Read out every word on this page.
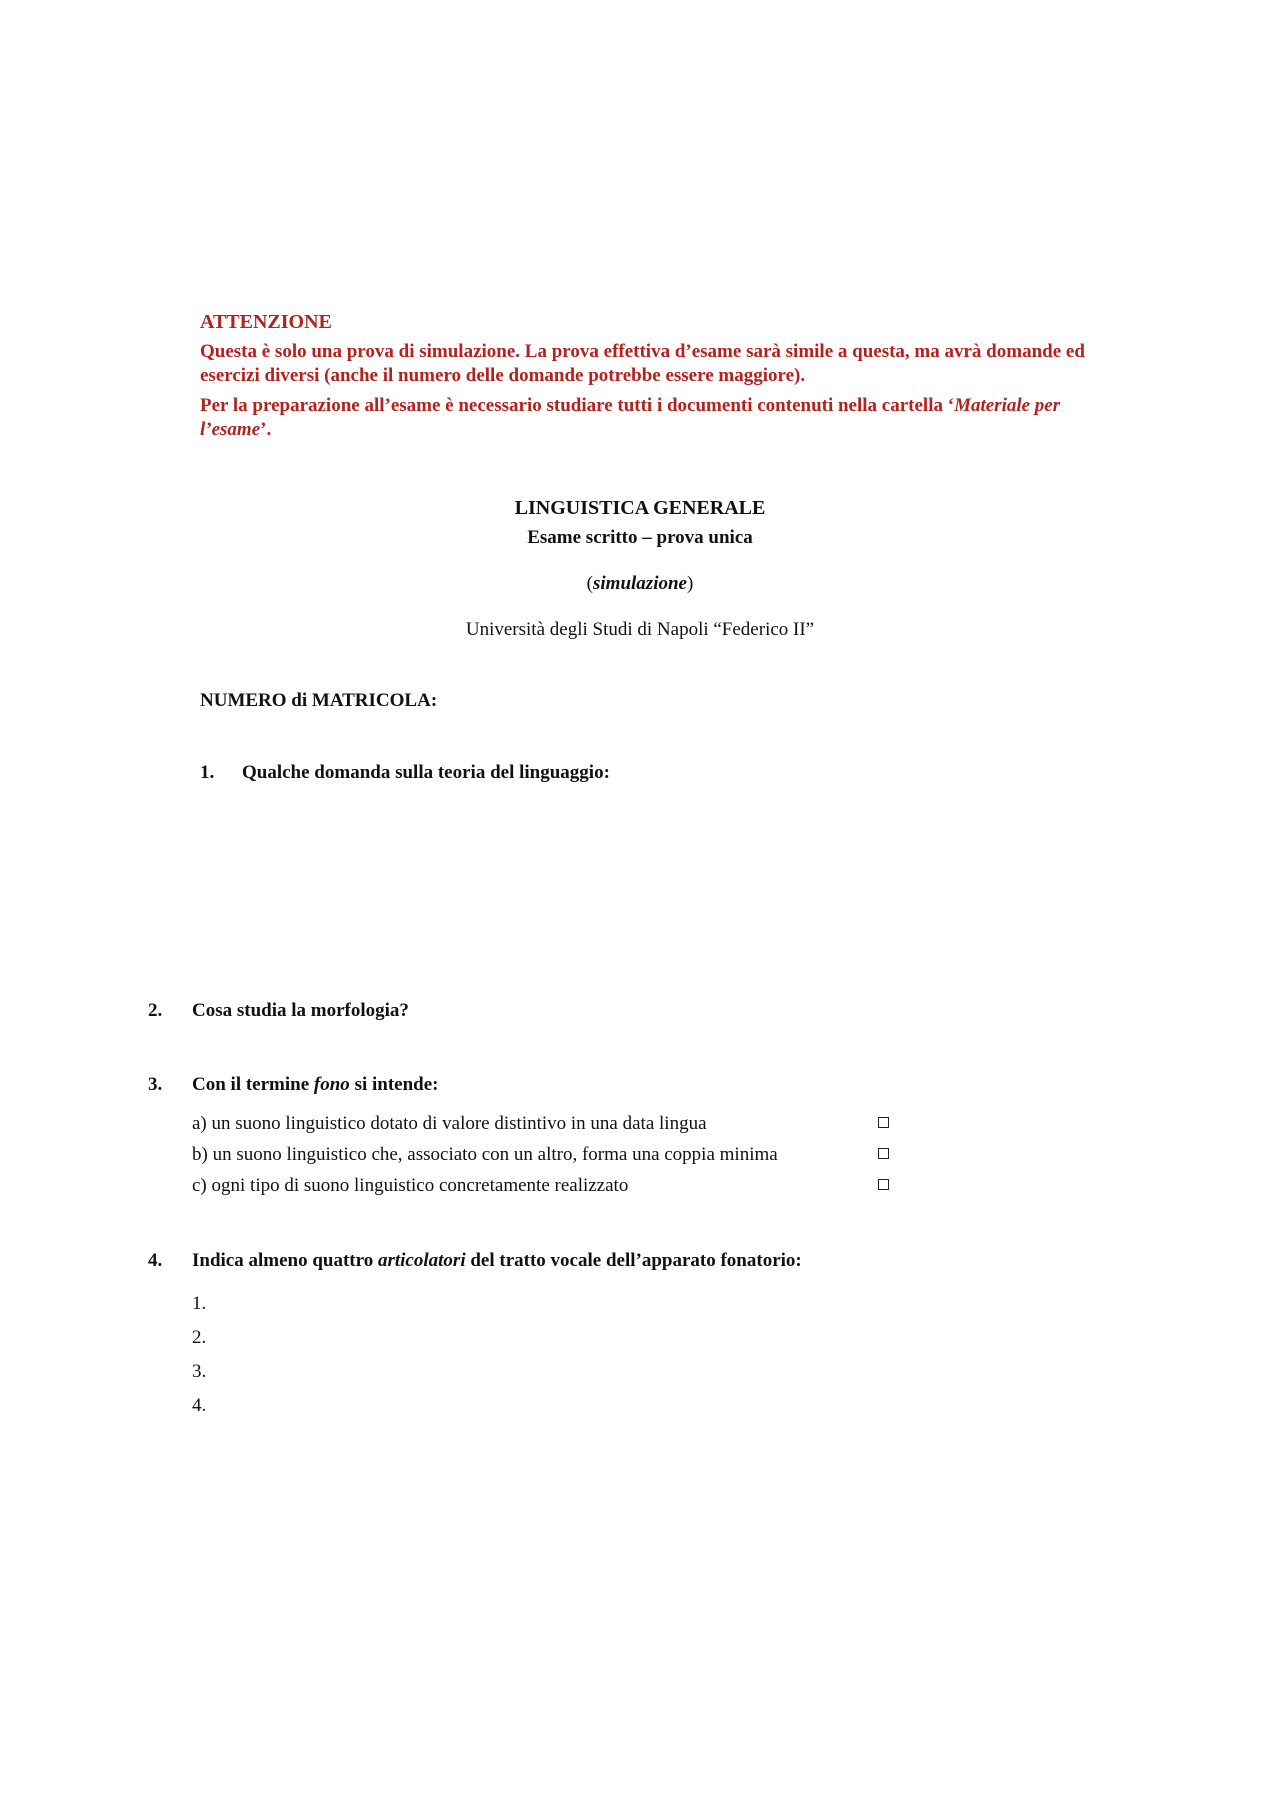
ATTENZIONE

Questa è solo una prova di simulazione. La prova effettiva d’esame sarà simile a questa, ma avrà domande ed esercizi diversi (anche il numero delle domande potrebbe essere maggiore).

Per la preparazione all’esame è necessario studiare tutti i documenti contenuti nella cartella ‘Materiale per l’esame’.

LINGUISTICA GENERALE
Esame scritto – prova unica
(simulazione)
Università degli Studi di Napoli “Federico II”
NUMERO di MATRICOLA:
1. Qualche domanda sulla teoria del linguaggio:
2. Cosa studia la morfologia?
3. Con il termine fono si intende:
a) un suono linguistico dotato di valore distintivo in una data lingua
b) un suono linguistico che, associato con un altro, forma una coppia minima
c) ogni tipo di suono linguistico concretamente realizzato
4. Indica almeno quattro articolatori del tratto vocale dell’apparato fonatorio:
1.
2.
3.
4.
